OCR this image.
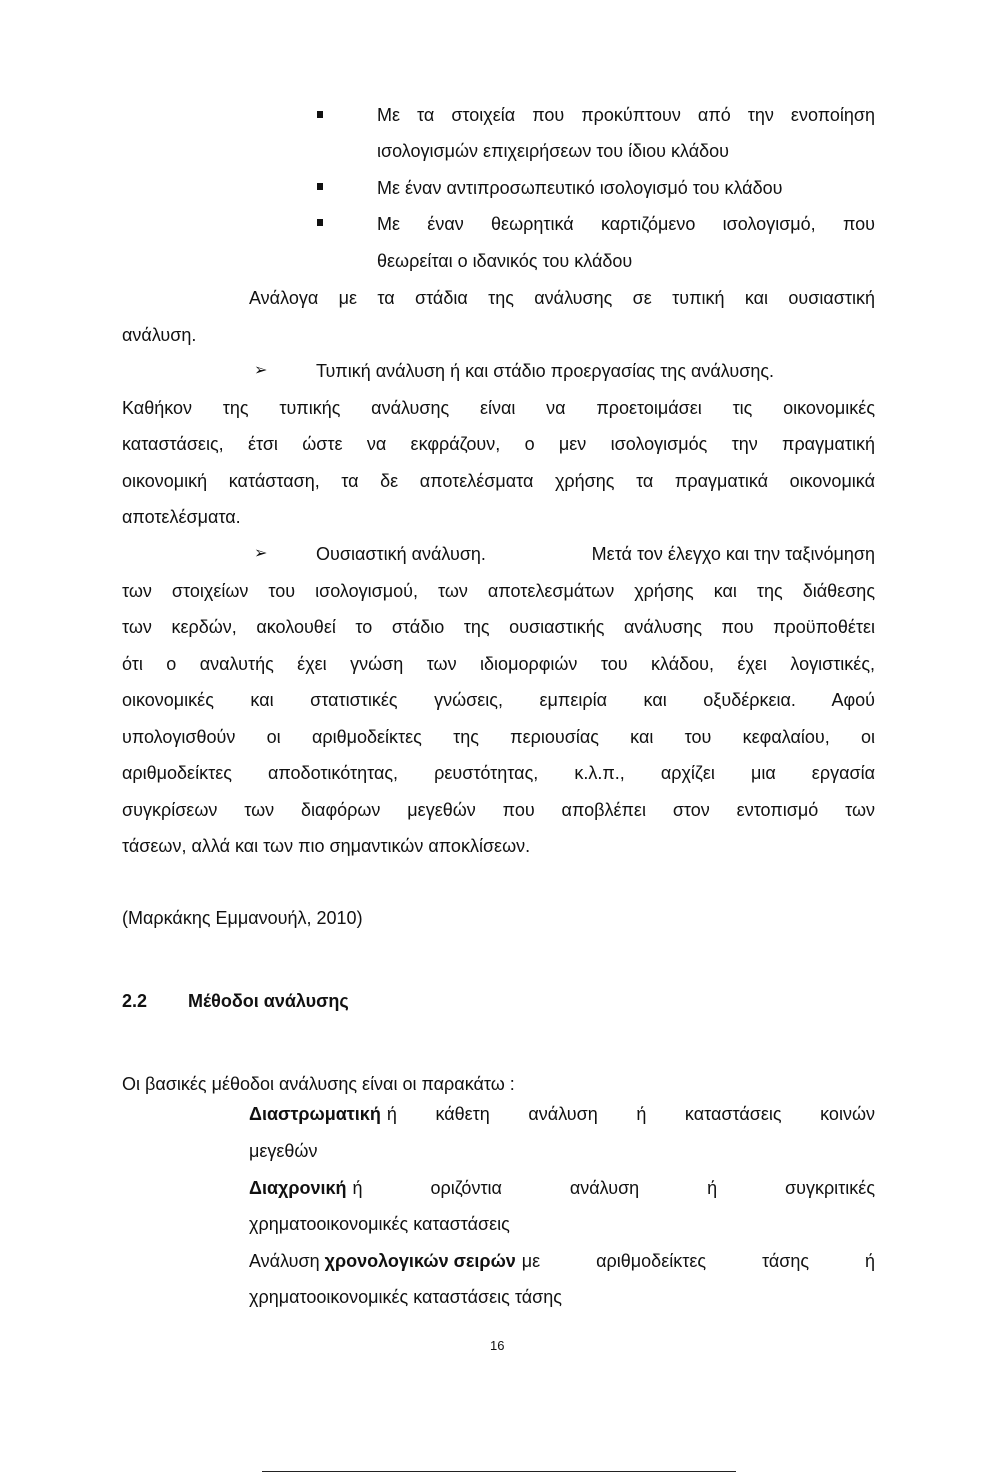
Με τα στοιχεία που προκύπτουν από την ενοποίηση
ισολογισμών επιχειρήσεων του ίδιου κλάδου
Με έναν αντιπροσωπευτικό ισολογισμό του κλάδου
Με έναν θεωρητικά καρτιζόμενο ισολογισμό, που
θεωρείται ο ιδανικός του κλάδου
Ανάλογα με τα στάδια της ανάλυσης σε τυπική και ουσιαστική
ανάλυση.
➢	Τυπική ανάλυση ή και στάδιο προεργασίας της ανάλυσης.
Καθήκον της τυπικής ανάλυσης είναι να προετοιμάσει τις οικονομικές
καταστάσεις, έτσι ώστε να εκφράζουν, ο μεν ισολογισμός την πραγματική
οικονομική κατάσταση, τα δε αποτελέσματα χρήσης τα πραγματικά οικονομικά
αποτελέσματα.
➢	Ουσιαστική ανάλυση.	Μετά τον έλεγχο και την ταξινόμηση
των στοιχείων του ισολογισμού, των αποτελεσμάτων χρήσης και της διάθεσης
των κερδών, ακολουθεί το στάδιο της ουσιαστικής ανάλυσης που προϋποθέτει
ότι ο αναλυτής έχει γνώση των ιδιομορφιών του κλάδου, έχει λογιστικές,
οικονομικές και στατιστικές γνώσεις, εμπειρία και οξυδέρκεια. Αφού
υπολογισθούν οι αριθμοδείκτες της περιουσίας και του κεφαλαίου, οι
αριθμοδείκτες αποδοτικότητας, ρευστότητας, κ.λ.π., αρχίζει μια εργασία
συγκρίσεων των διαφόρων μεγεθών που αποβλέπει στον εντοπισμό των
τάσεων, αλλά και των πιο σημαντικών αποκλίσεων.
(Μαρκάκης Εμμανουήλ, 2010)
2.2 Μέθοδοι ανάλυσης
Οι βασικές μέθοδοι ανάλυσης είναι οι παρακάτω :
Διαστρωματική ή κάθετη ανάλυση ή καταστάσεις κοινών
μεγεθών
Διαχρονική ή οριζόντια ανάλυση ή συγκριτικές
χρηματοοικονομικές καταστάσεις
Ανάλυση χρονολογικών σειρών με αριθμοδείκτες τάσης ή
χρηματοοικονομικές καταστάσεις τάσης
16
